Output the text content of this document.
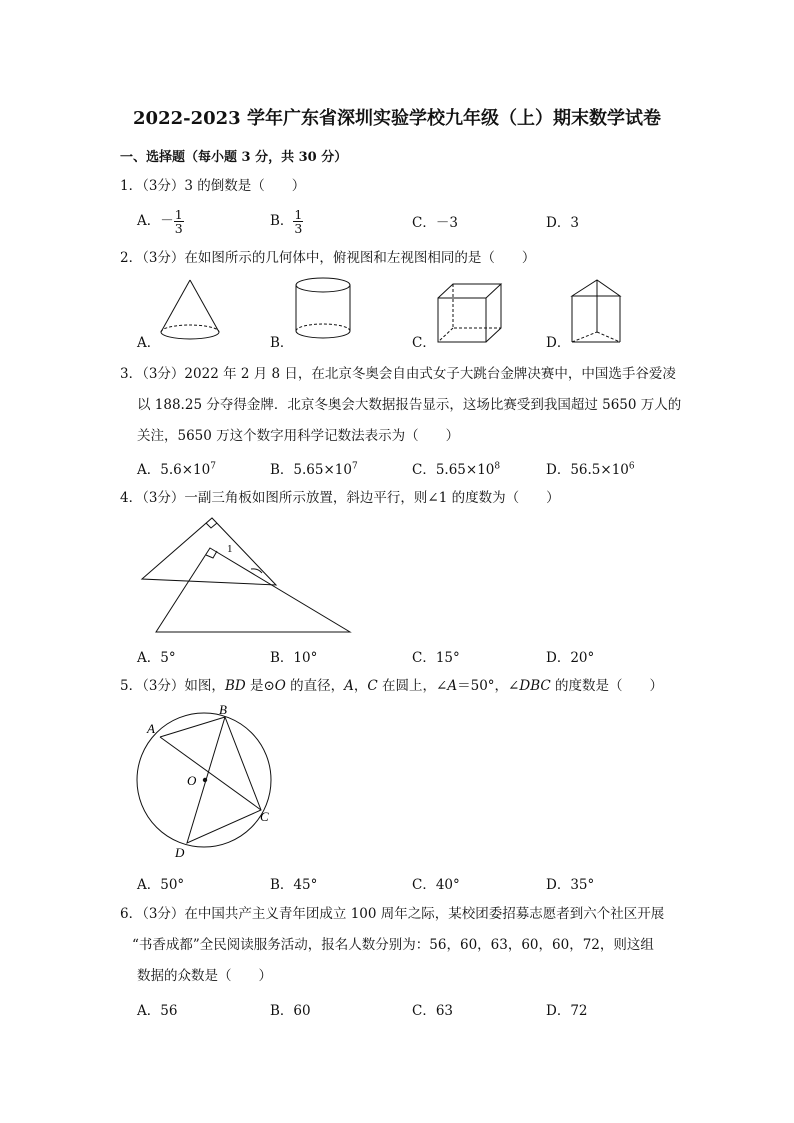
2022-2023 学年广东省深圳实验学校九年级（上）期末数学试卷
一、选择题（每小题 3 分，共 30 分）
1．（3分）3 的倒数是（　　）
A．－ $\frac{1}{3}$	B． $\frac{1}{3}$	C．－3	D．3
2．（3分）在如图所示的几何体中，俯视图和左视图相同的是（　　）
A．	B．	C．	D．
3．（3分）2022 年 2 月 8 日，在北京冬奥会自由式女子大跳台金牌决赛中，中国选手谷爱凌
以 188.25 分夺得金牌．北京冬奥会大数据报告显示，这场比赛受到我国超过 5650 万人的
关注，5650 万这个数字用科学记数法表示为（　　）
A．$5.6\times 10^7$	B．$5.65\times 10^7$	C．$5.65\times 10^8$	D．$56.5\times 10^6$
4．（3分）一副三角板如图所示放置，斜边平行，则∠1 的度数为（　　）
1
A．5°	B．10°	C．15°	D．20°
5．（3分）如图，BD 是⊙O 的直径，A，C 在圆上，∠A＝50°，∠DBC 的度数是（　　）
A
B
C
D
O
A．50°	B．45°	C．40°	D．35°
6．（3分）在中国共产主义青年团成立 100 周年之际，某校团委招募志愿者到六个社区开展
“书香成都”全民阅读服务活动，报名人数分别为：56，60，63，60，60，72，则这组
数据的众数是（　　）
A．56	B．60	C．63	D．72
